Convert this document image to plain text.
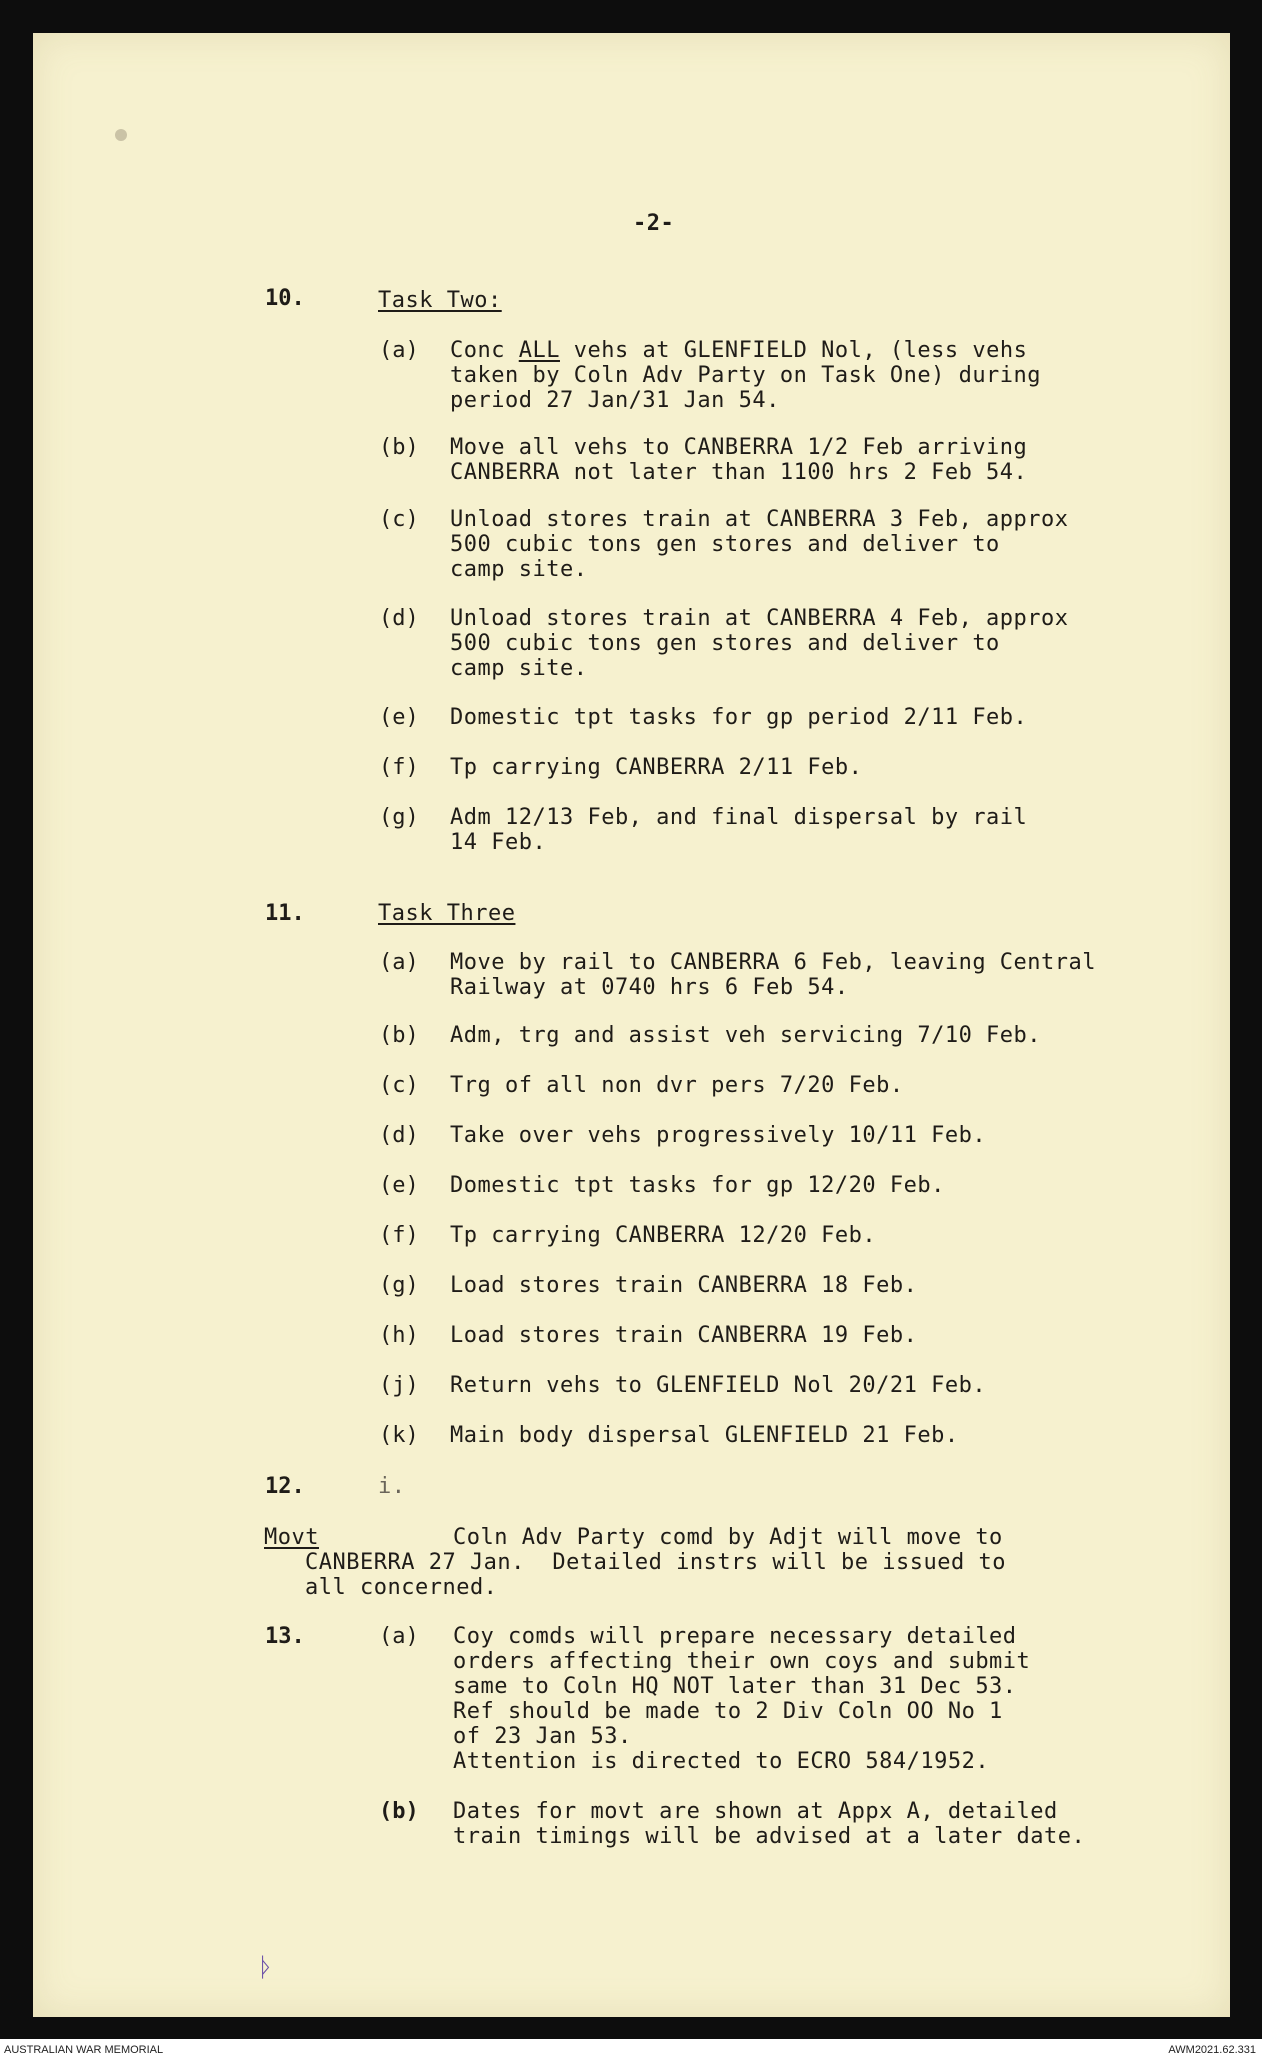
-2-
10.	Task Two:
(a) Conc ALL vehs at GLENFIELD Nol, (less vehs
taken by Coln Adv Party on Task One) during
period 27 Jan/31 Jan 54.
(b) Move all vehs to CANBERRA 1/2 Feb arriving
CANBERRA not later than 1100 hrs 2 Feb 54.
(c) Unload stores train at CANBERRA 3 Feb, approx
500 cubic tons gen stores and deliver to
camp site.
(d) Unload stores train at CANBERRA 4 Feb, approx
500 cubic tons gen stores and deliver to
camp site.
(e) Domestic tpt tasks for gp period 2/11 Feb.
(f) Tp carrying CANBERRA 2/11 Feb.
(g) Adm 12/13 Feb, and final dispersal by rail
14 Feb.
11.	Task Three
(a) Move by rail to CANBERRA 6 Feb, leaving Central
Railway at 0740 hrs 6 Feb 54.
(b) Adm, trg and assist veh servicing 7/10 Feb.
(c) Trg of all non dvr pers 7/20 Feb.
(d) Take over vehs progressively 10/11 Feb.
(e) Domestic tpt tasks for gp 12/20 Feb.
(f) Tp carrying CANBERRA 12/20 Feb.
(g) Load stores train CANBERRA 18 Feb.
(h) Load stores train CANBERRA 19 Feb.
(j) Return vehs to GLENFIELD Nol 20/21 Feb.
(k) Main body dispersal GLENFIELD 21 Feb.
12.	i.
Movt	Coln Adv Party comd by Adjt will move to
CANBERRA 27 Jan.  Detailed instrs will be issued to
all concerned.
13.	(a) Coy comds will prepare necessary detailed
orders affecting their own coys and submit
same to Coln HQ NOT later than 31 Dec 53.
Ref should be made to 2 Div Coln OO No 1
of 23 Jan 53.
Attention is directed to ECRO 584/1952.
(b) Dates for movt are shown at Appx A, detailed
train timings will be advised at a later date.
ᚦ
AUSTRALIAN WAR MEMORIAL	AWM2021.62.331
